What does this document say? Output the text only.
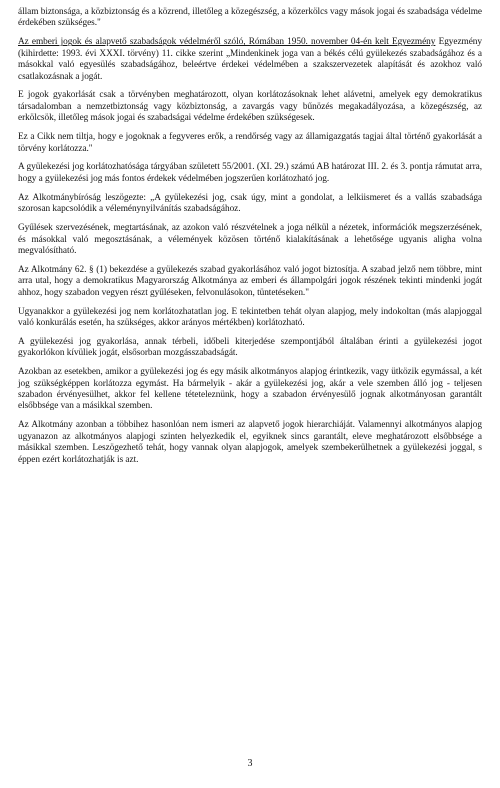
állam biztonsága, a közbiztonság és a közrend, illetőleg a közegészség, a közerkölcs vagy mások jogai és szabadsága védelme érdekében szükséges."

Az emberi jogok és alapvető szabadságok védelméről szóló, Rómában 1950. november 04-én kelt Egyezmény Egyezmény (kihirdette: 1993. évi XXXI. törvény) 11. cikke szerint „Mindenkinek joga van a békés célú gyülekezés szabadságához és a másokkal való egyesülés szabadságához, beleértve érdekei védelmében a szakszervezetek alapítását és azokhoz való csatlakozásnak a jogát.

E jogok gyakorlását csak a törvényben meghatározott, olyan korlátozásoknak lehet alávetni, amelyek egy demokratikus társadalomban a nemzetbiztonság vagy közbiztonság, a zavargás vagy bűnözés megakadályozása, a közegészség, az erkölcsök, illetőleg mások jogai és szabadságai védelme érdekében szükségesek.

Ez a Cikk nem tiltja, hogy e jogoknak a fegyveres erők, a rendőrség vagy az államigazgatás tagjai által történő gyakorlását a törvény korlátozza."

A gyülekezési jog korlátozhatósága tárgyában született 55/2001. (XI. 29.) számú AB határozat III. 2. és 3. pontja rámutat arra, hogy a gyülekezési jog más fontos érdekek védelmében jogszerűen korlátozható jog.

Az Alkotmánybíróság leszögezte: „A gyülekezési jog, csak úgy, mint a gondolat, a lelkiismeret és a vallás szabadsága szorosan kapcsolódik a véleménynyilvánítás szabadságához.

Gyűlések szervezésének, megtartásának, az azokon való részvételnek a joga nélkül a nézetek, információk megszerzésének, és másokkal való megosztásának, a vélemények közösen történő kialakításának a lehetősége ugyanis aligha volna megvalósítható.

Az Alkotmány 62. § (1) bekezdése a gyülekezés szabad gyakorlásához való jogot biztosítja. A szabad jelző nem többre, mint arra utal, hogy a demokratikus Magyarország Alkotmánya az emberi és állampolgári jogok részének tekinti mindenki jogát ahhoz, hogy szabadon vegyen részt gyűléseken, felvonulásokon, tüntetéseken."

Ugyanakkor a gyülekezési jog nem korlátozhatatlan jog. E tekintetben tehát olyan alapjog, mely indokoltan (más alapjoggal való konkurálás esetén, ha szükséges, akkor arányos mértékben) korlátozható.

A gyülekezési jog gyakorlása, annak térbeli, időbeli kiterjedése szempontjából általában érinti a gyülekezési jogot gyakorlókon kívüliek jogát, elsősorban mozgásszabadságát.

Azokban az esetekben, amikor a gyülekezési jog és egy másik alkotmányos alapjog érintkezik, vagy ütközik egymással, a két jog szükségképpen korlátozza egymást. Ha bármelyik - akár a gyülekezési jog, akár a vele szemben álló jog - teljesen szabadon érvényesülhet, akkor fel kellene téteteleznünk, hogy a szabadon érvényesülő jognak alkotmányosan garantált elsőbbsége van a másikkal szemben.

Az Alkotmány azonban a többihez hasonlóan nem ismeri az alapvető jogok hierarchiáját. Valamennyi alkotmányos alapjog ugyanazon az alkotmányos alapjogi szinten helyezkedik el, egyiknek sincs garantált, eleve meghatározott elsőbbsége a másikkal szemben. Leszögezhető tehát, hogy vannak olyan alapjogok, amelyek szembekerülhetnek a gyülekezési joggal, s éppen ezért korlátozhatják is azt.

3
